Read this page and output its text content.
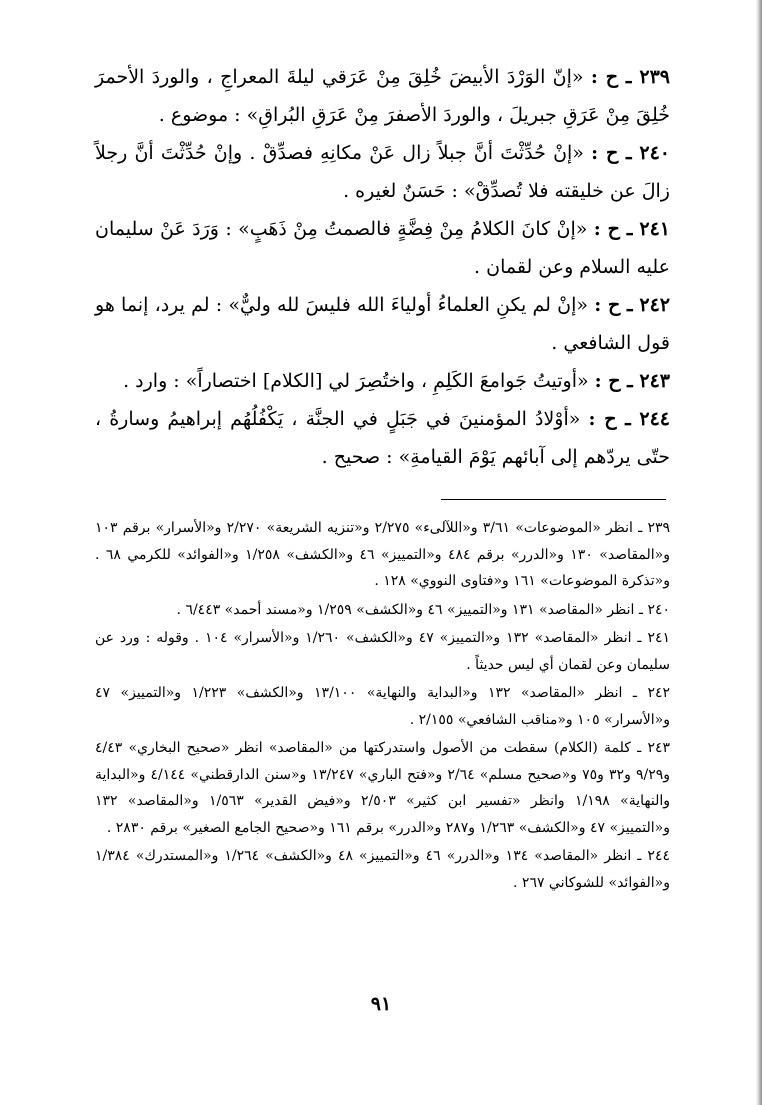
٢٣٩ ـ ح : «إنّ الوَرْدَ الأبيضَ خُلِقَ مِنْ عَرَقي ليلةَ المعراجِ ، والوردَ الأحمرَ خُلِقَ مِنْ عَرَقِ جبريلَ ، والوردَ الأصفرَ مِنْ عَرَقِ البُراقِ» : موضوع .

٢٤٠ ـ ح : «إنْ حُدِّثْتَ أنَّ جبلاً زال عَنْ مكانِهِ فصدِّقْ . وإنْ حُدِّثْتَ أنَّ رجلاً زالَ عن خليقته فلا تُصدِّقْ» : حَسَنٌ لغيره .

٢٤١ ـ ح : «إنْ كانَ الكلامُ مِنْ فِضَّةٍ فالصمتُ مِنْ ذَهَبٍ» : وَرَدَ عَنْ سليمان عليه السلام وعن لقمان .

٢٤٢ ـ ح : «إنْ لم يكنِ العلماءُ أولياءَ الله فليسَ لله وليٌّ» : لم يرد، إنما هو قول الشافعي .

٢٤٣ ـ ح : «أوتيتُ جَوامعَ الكَلِمِ ، واختُصِرَ لي [الكلام] اختصاراً» : وارد .

٢٤٤ ـ ح : «أوْلادُ المؤمنينَ في جَبَلٍ في الجنَّة ، يَكْفُلُهُم إبراهيمُ وسارةُ ، حتّى يردّهم إلى آبائهم يَوْمَ القيامةِ» : صحيح .

٢٣٩ ـ انظر «الموضوعات» ٣/٦١ و«اللآلىء» ٢/٢٧٥ و«تنزيه الشريعة» ٢/٢٧٠ و«الأسرار» برقم ١٠٣ و«المقاصد» ١٣٠ و«الدرر» برقم ٤٨٤ و«التمييز» ٤٦ و«الكشف» ١/٢٥٨ و«الفوائد» للكرمي ٦٨ . و«تذكرة الموضوعات» ١٦١ و«فتاوى النووي» ١٢٨ .

٢٤٠ ـ انظر «المقاصد» ١٣١ و«التمييز» ٤٦ و«الكشف» ١/٢٥٩ و«مسند أحمد» ٦/٤٤٣ .

٢٤١ ـ انظر «المقاصد» ١٣٢ و«التمييز» ٤٧ و«الكشف» ١/٢٦٠ و«الأسرار» ١٠٤ . وقوله : ورد عن سليمان وعن لقمان أي ليس حديثاً .

٢٤٢ ـ انظر «المقاصد» ١٣٢ و«البداية والنهاية» ١٣/١٠٠ و«الكشف» ١/٢٢٣ و«التمييز» ٤٧ و«الأسرار» ١٠٥ و«مناقب الشافعي» ٢/١٥٥ .

٢٤٣ ـ كلمة (الكلام) سقطت من الأصول واستدركتها من «المقاصد» انظر «صحيح البخاري» ٤/٤٣ و٩/٢٩ و٣٢ و٧٥ و«صحيح مسلم» ٢/٦٤ و«فتح الباري» ١٣/٢٤٧ و«سنن الدارقطني» ٤/١٤٤ و«البداية والنهاية» ١/١٩٨ وانظر «تفسير ابن كثير» ٢/٥٠٣ و«فيض القدير» ١/٥٦٣ و«المقاصد» ١٣٢ و«التمييز» ٤٧ و«الكشف» ١/٢٦٣ و٢٨٧ و«الدرر» برقم ١٦١ و«صحيح الجامع الصغير» برقم ٢٨٣٠ .

٢٤٤ ـ انظر «المقاصد» ١٣٤ و«الدرر» ٤٦ و«التمييز» ٤٨ و«الكشف» ١/٢٦٤ و«المستدرك» ١/٣٨٤ و«الفوائد» للشوكاني ٢٦٧ .

٩١
